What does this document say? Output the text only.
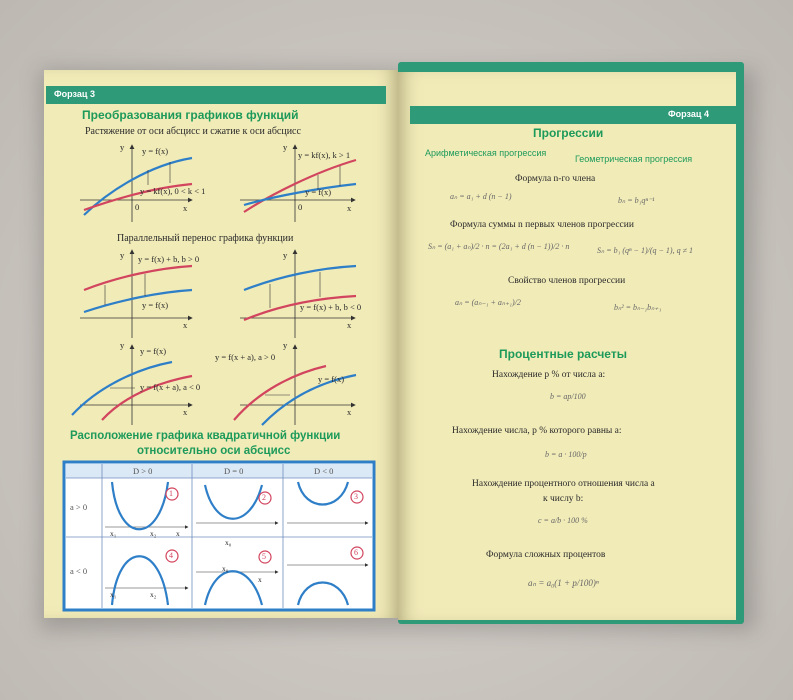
Форзац 3
Преобразования графиков функций
Растяжение от оси абсцисс и сжатие к оси абсцисс
Параллельный перенос графика функции
y = f(x)
y = kf(x), 0 < k < 1
y = kf(x), k > 1
y = f(x)
y = f(x) + b, b > 0
y = f(x)	y = f(x) + b, b < 0
y = f(x)
y = f(x + a), a < 0
y = f(x + a), a > 0
y = f(x)
y
x
0
y
x
0
y
x
y
x
y
x
y
x
Расположение графика квадратичной функции
относительно оси абсцисс
D > 0	D = 0	D < 0
a > 0
a < 0
1	2	3
4	5	6
x₁	x₂	x
x₀
x₁	x₂
x₀
x
Форзац 4
Прогрессии
Арифметическая прогрессия
Геометрическая прогрессия
Формула n-го члена
aₙ = a₁ + d (n − 1)	bₙ = b₁qⁿ⁻¹
Формула суммы n первых членов прогрессии
Sₙ = (a₁ + aₙ)/2 · n = (2a₁ + d (n − 1))/2 · n	Sₙ = b₁ (qⁿ − 1)/(q − 1), q ≠ 1
Свойство членов прогрессии
aₙ = (aₙ₋₁ + aₙ₊₁)/2
bₙ² = bₙ₋₁bₙ₊₁
Процентные расчеты
Нахождение p % от числа a:
b = ap/100
Нахождение числа, p % которого равны a:
b = a · 100/p
Нахождение процентного отношения числа a
к числу b:
c = a/b · 100 %
Формула сложных процентов
aₙ = a₀(1 + p/100)ⁿ
